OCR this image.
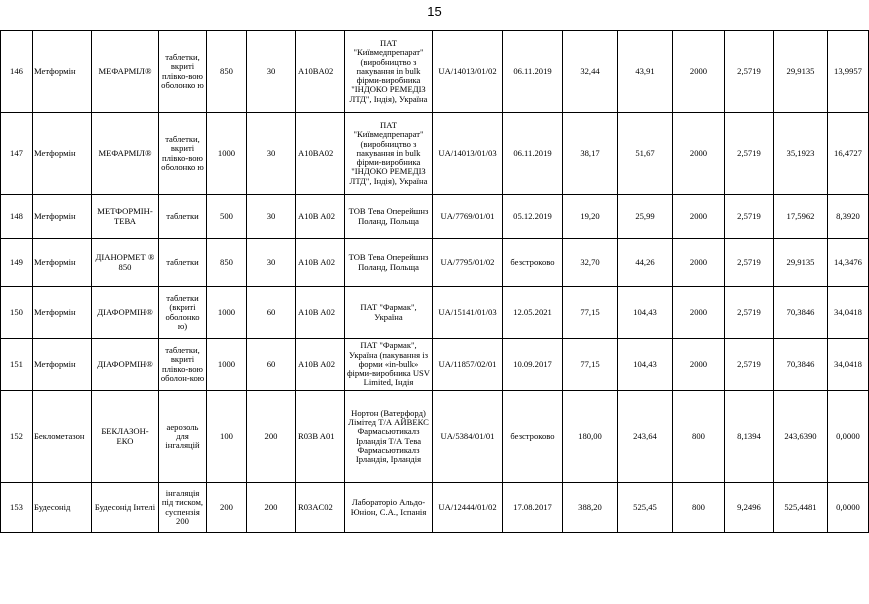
15
146	Метформін	МЕФАРМІЛ®	таблетки, вкриті плівко-вою оболонко ю	850	30	A10BA02	ПАТ "Київмедпрепарат" (виробництво з пакування in bulk фірми-виробника "ІНДОКО РЕМЕДІЗ ЛТД", Індія), Україна	UA/14013/01/02	06.11.2019	32,44	43,91	2000	2,5719	29,9135	13,9957
147	Метформін	МЕФАРМІЛ®	таблетки, вкриті плівко-вою оболонко ю	1000	30	A10BA02	ПАТ "Київмедпрепарат" (виробництво з пакування in bulk фірми-виробника "ІНДОКО РЕМЕДІЗ ЛТД", Індія), Україна	UA/14013/01/03	06.11.2019	38,17	51,67	2000	2,5719	35,1923	16,4727
148	Метформін	МЕТФОРМІН-ТЕВА	таблетки	500	30	A10B A02	ТОВ Тева Оперейшнз Поланд, Польща	UA/7769/01/01	05.12.2019	19,20	25,99	2000	2,5719	17,5962	8,3920
149	Метформін	ДІАНОРМЕТ ® 850	таблетки	850	30	A10B A02	ТОВ Тева Оперейшнз Поланд, Польща	UA/7795/01/02	безстроково	32,70	44,26	2000	2,5719	29,9135	14,3476
150	Метформін	ДІАФОРМІН®	таблетки (вкриті оболонко ю)	1000	60	A10B A02	ПАТ "Фармак", Україна	UA/15141/01/03	12.05.2021	77,15	104,43	2000	2,5719	70,3846	34,0418
151	Метформін	ДІАФОРМІН®	таблетки, вкриті плівко-вою оболон-кою	1000	60	A10B A02	ПАТ "Фармак", Україна (пакування із форми «in-bulk» фірми-виробника USV Limited, Індія	UA/11857/02/01	10.09.2017	77,15	104,43	2000	2,5719	70,3846	34,0418
152	Беклометазон	БЕКЛАЗОН-ЕКО	аерозоль для інгаляцій	100	200	R03B A01	Нортон (Ватерфорд) Лімітед Т/А АЙВЕКС Фармасьютикалз Ірландія Т/А Тева Фармасьютикалз Ірландія, Ірландія	UA/5384/01/01	безстроково	180,00	243,64	800	8,1394	243,6390	0,0000
153	Будесонід	Будесонід Інтелі	інгаляція під тиском, суспензія 200	200	200	R03AC02	Лабораторіо Альдо-Юніон, С.А., Іспанія	UA/12444/01/02	17.08.2017	388,20	525,45	800	9,2496	525,4481	0,0000
